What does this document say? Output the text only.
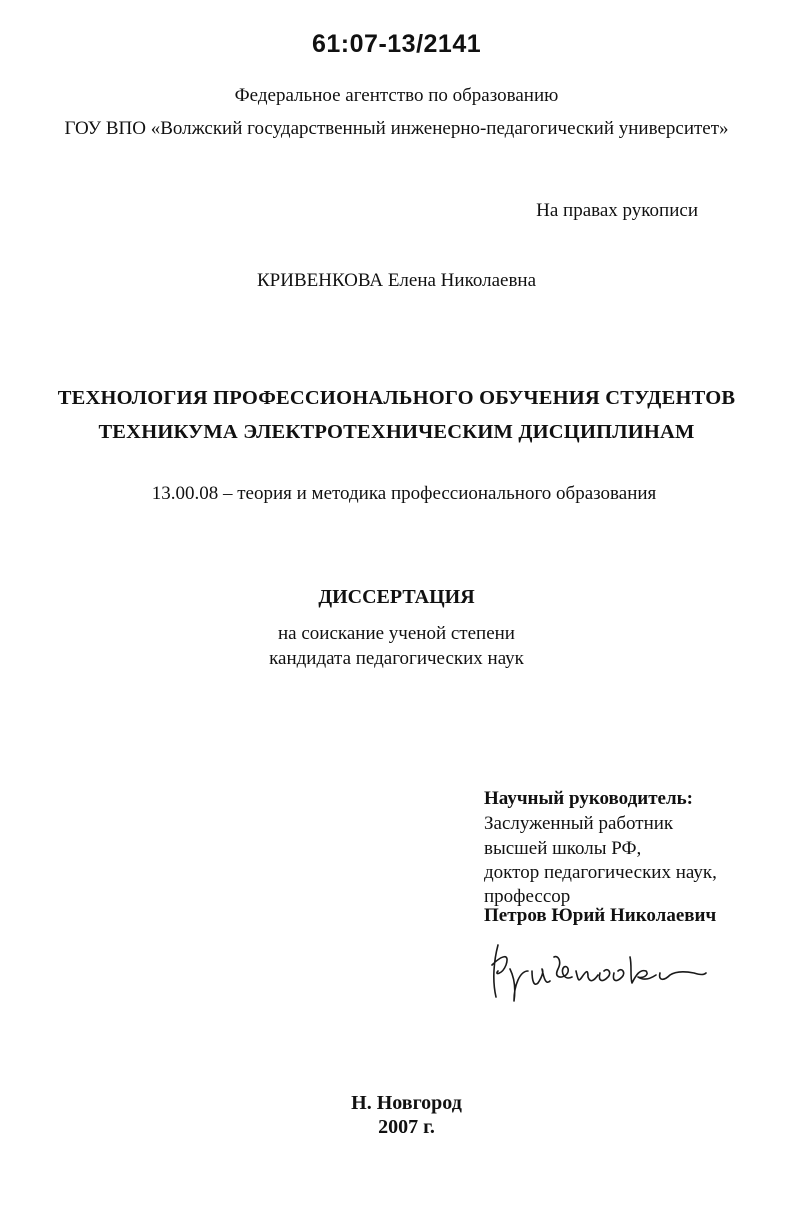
61:07-13/2141
Федеральное агентство по образованию
ГОУ ВПО «Волжский государственный инженерно-педагогический университет»
На правах рукописи
КРИВЕНКОВА Елена Николаевна
ТЕХНОЛОГИЯ ПРОФЕССИОНАЛЬНОГО ОБУЧЕНИЯ СТУДЕНТОВ
ТЕХНИКУМА ЭЛЕКТРОТЕХНИЧЕСКИМ ДИСЦИПЛИНАМ
13.00.08 – теория и методика профессионального образования
ДИССЕРТАЦИЯ
на соискание ученой степени
кандидата педагогических наук
Научный руководитель:
Заслуженный работник
высшей школы РФ,
доктор педагогических наук,
профессор
Петров Юрий Николаевич
Н. Новгород
2007 г.
